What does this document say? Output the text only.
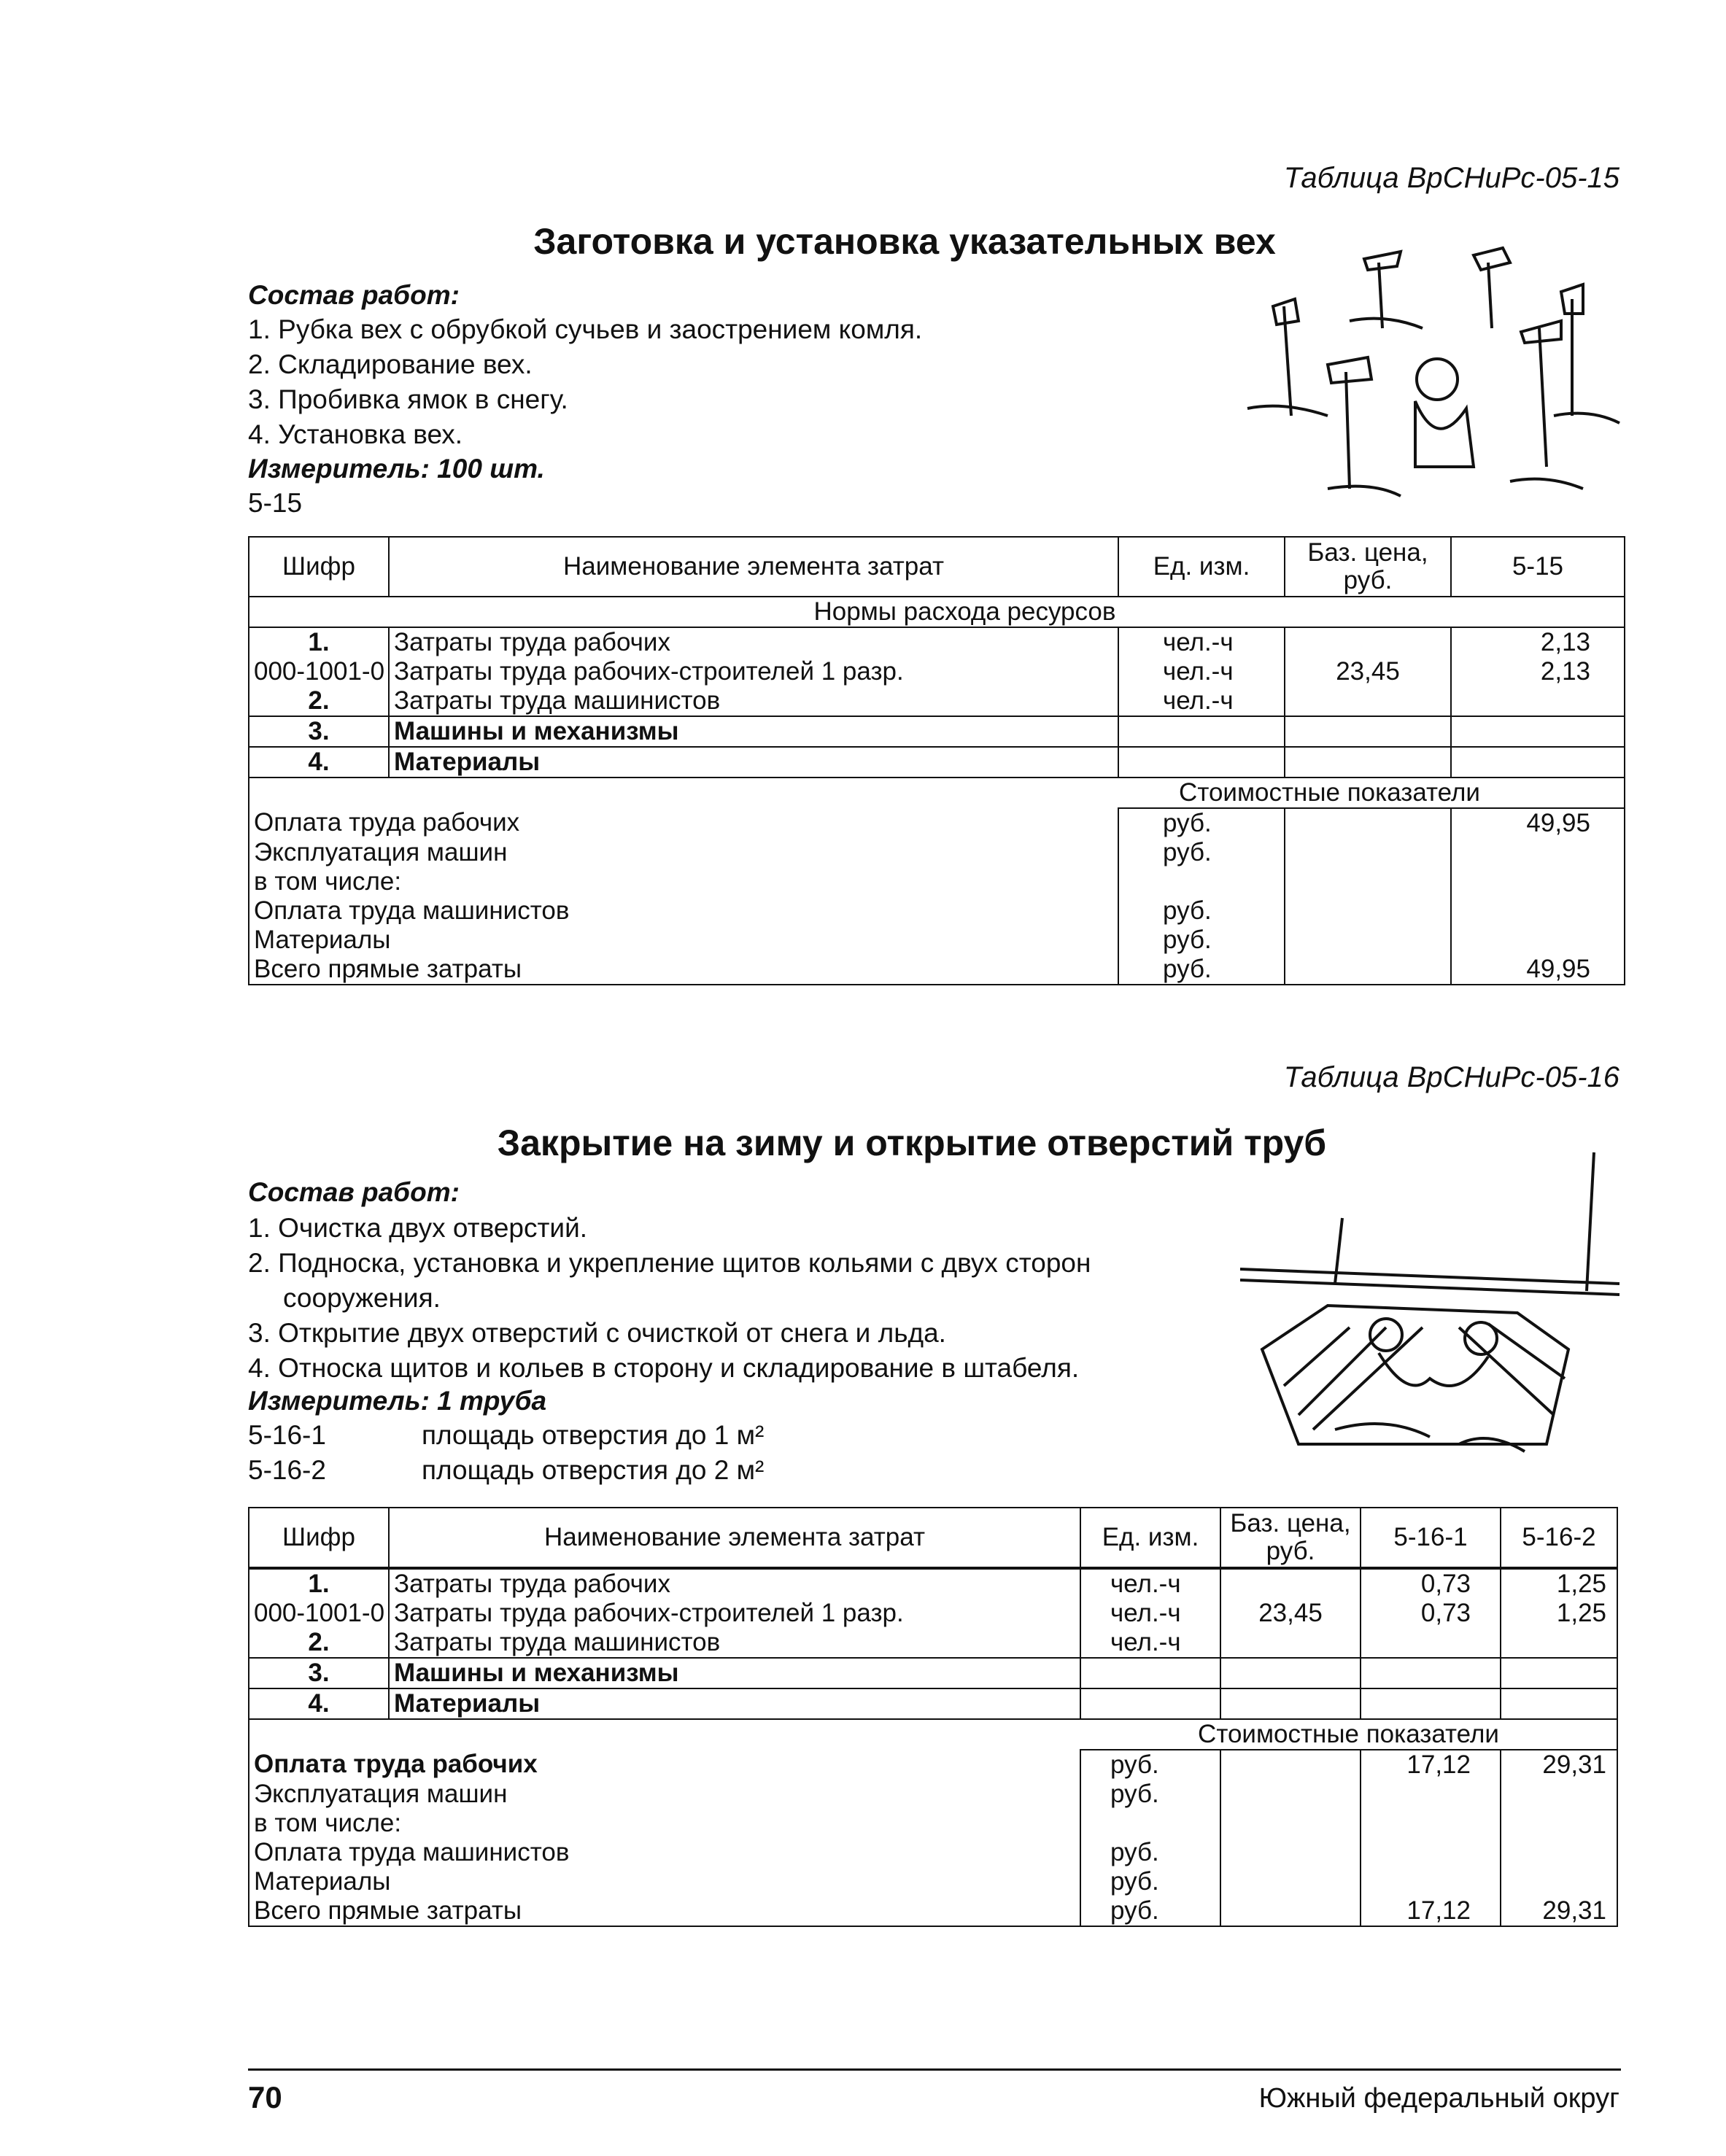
Таблица ВрСНиРс-05-15
Заготовка и установка указательных вех
Состав работ:
1. Рубка вех с обрубкой сучьев и заострением комля.
2. Складирование вех.
3. Пробивка ямок в снегу.
4. Установка вех.
Измеритель: 100 шт.
5-15
Шифр	Наименование элемента затрат	Ед. изм.	Баз. цена, руб.	5-15
	Нормы расхода ресурсов			
1.	Затраты труда рабочих	чел.-ч		2,13
000-1001-0	Затраты труда рабочих-строителей 1 разр.	чел.-ч	23,45	2,13
2.	Затраты труда машинистов	чел.-ч		
3.	Машины и механизмы			
4.	Материалы			
		Стоимостные показатели		
Оплата труда рабочих		руб.		49,95
Эксплуатация машин		руб.		
в том числе:				
Оплата труда машинистов		руб.		
Материалы		руб.		
Всего прямые затраты		руб.		49,95
Таблица ВрСНиРс-05-16
Закрытие на зиму и открытие отверстий труб
Состав работ:
1. Очистка двух отверстий.
2. Подноска, установка и укрепление щитов кольями с двух сторон
сооружения.
3. Открытие двух отверстий с очисткой от снега и льда.
4. Относка щитов и кольев в сторону и складирование в штабеля.
Измеритель: 1 труба
5-16-1	площадь отверстия до 1 м²
5-16-2	площадь отверстия до 2 м²
Шифр	Наименование элемента затрат	Ед. изм.	Баз. цена, руб.	5-16-1	5-16-2

1.	Затраты труда рабочих	чел.-ч		0,73	1,25
000-1001-0	Затраты труда рабочих-строителей 1 разр.	чел.-ч	23,45	0,73	1,25
2.	Затраты труда машинистов	чел.-ч			
3.	Машины и механизмы				
4.	Материалы				
		Стоимостные показатели			
Оплата труда рабочих		руб.		17,12	29,31
Эксплуатация машин		руб.			
в том числе:					
Оплата труда машинистов		руб.			
Материалы		руб.			
Всего прямые затраты		руб.		17,12	29,31
70	Южный федеральный округ
